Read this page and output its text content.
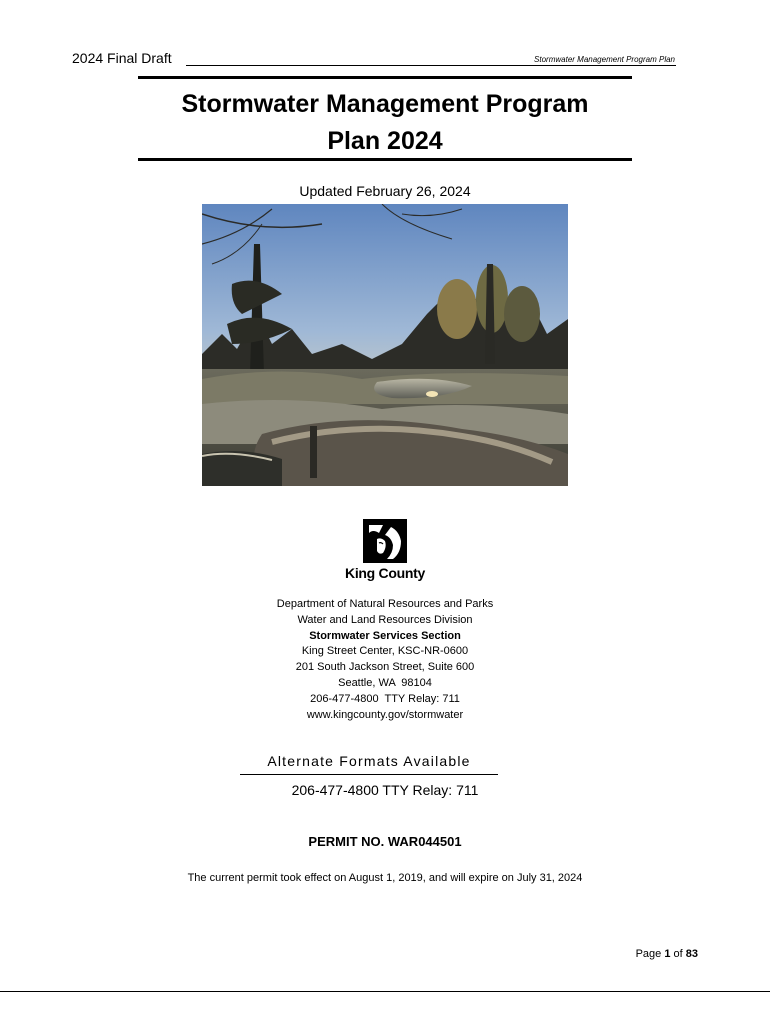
2024 Final Draft	Stormwater Management Program Plan
Stormwater Management Program
Plan 2024
Updated February 26, 2024
King County
Department of Natural Resources and Parks
Water and Land Resources Division
Stormwater Services Section
King Street Center, KSC-NR-0600
201 South Jackson Street, Suite 600
Seattle, WA  98104
206-477-4800  TTY Relay: 711
www.kingcounty.gov/stormwater
Alternate Formats Available
206-477-4800 TTY Relay: 711
PERMIT NO. WAR044501
The current permit took effect on August 1, 2019, and will expire on July 31, 2024
Page 1 of 83
